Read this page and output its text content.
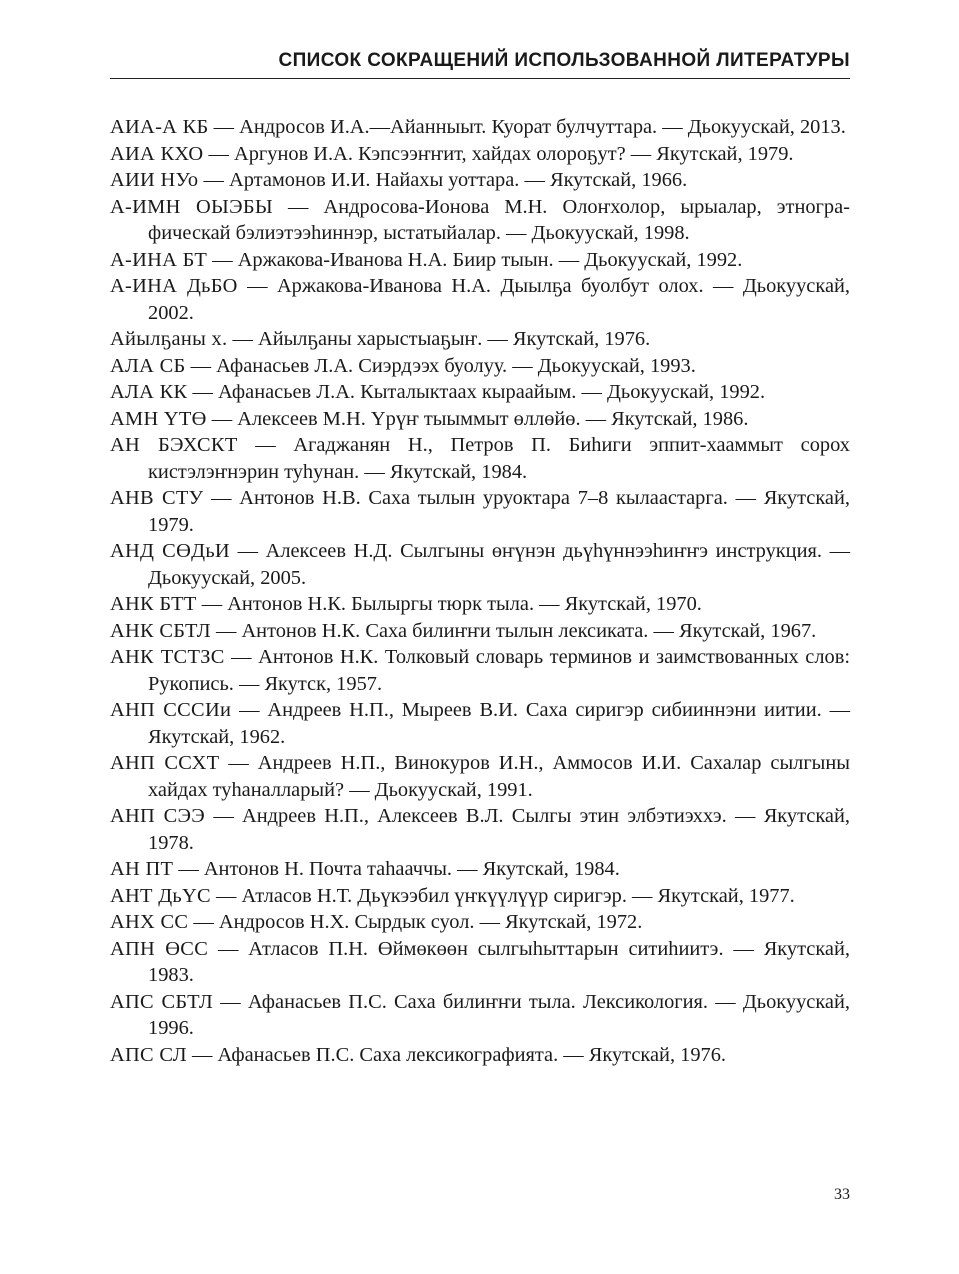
СПИСОК СОКРАЩЕНИЙ ИСПОЛЬЗОВАННОЙ ЛИТЕРАТУРЫ

АИА-А КБ — Андросов И.А.—Айанныыт. Куорат булчуттара. — Дьокуускай, 2013.

АИА КХО — Аргунов И.А. Кэпсээҥҥит, хайдах олороҕут? — Якутскай, 1979.

АИИ НУо — Артамонов И.И. Найахы уоттара. — Якутскай, 1966.

А-ИМН ОЫЭБЫ — Андросова-Ионова М.Н. Олоҥхолор, ырыалар, этнографическай бэлиэтээһиннэр, ыстатыйалар. — Дьокуускай, 1998.

А-ИНА БТ — Аржакова-Иванова Н.А. Биир тыын. — Дьокуускай, 1992.

А-ИНА ДьБО — Аржакова-Иванова Н.А. Дыылҕа буолбут олох. — Дьокуускай, 2002.

Айылҕаны х. — Айылҕаны харыстыаҕыҥ. — Якутскай, 1976.

АЛА СБ — Афанасьев Л.А. Сиэрдээх буолуу. — Дьокуускай, 1993.

АЛА КК — Афанасьев Л.А. Кыталыктаах кыраайым. — Дьокуускай, 1992.

АМН ҮТӨ — Алексеев М.Н. Үрүҥ тыыммыт өллөйө. — Якутскай, 1986.

АН БЭХСКТ — Агаджанян Н., Петров П. Биһиги эппит-хааммыт сорох кистэлэҥнэрин туһунан. — Якутскай, 1984.

АНВ СТУ — Антонов Н.В. Саха тылын уруоктара 7–8 кылаастарга. — Якутскай, 1979.

АНД СӨДьИ — Алексеев Н.Д. Сылгыны өҥүнэн дьүһүннээһиҥҥэ инструкция. — Дьокуускай, 2005.

АНК БТТ — Антонов Н.К. Былыргы тюрк тыла. — Якутскай, 1970.

АНК СБТЛ — Антонов Н.К. Саха билиҥҥи тылын лексиката. — Якутскай, 1967.

АНК ТСТЗС — Антонов Н.К. Толковый словарь терминов и заимствованных слов: Рукопись. — Якутск, 1957.

АНП СССИи — Андреев Н.П., Мыреев В.И. Саха сиригэр сибииннэни иитии. — Якутскай, 1962.

АНП ССХТ — Андреев Н.П., Винокуров И.Н., Аммосов И.И. Сахалар сылгыны хайдах туһаналларый? — Дьокуускай, 1991.

АНП СЭЭ — Андреев Н.П., Алексеев В.Л. Сылгы этин элбэтиэххэ. — Якутскай, 1978.

АН ПТ — Антонов Н. Почта таһааччы. — Якутскай, 1984.

АНТ ДьҮС — Атласов Н.Т. Дьүкээбил үҥкүүлүүр сиригэр. — Якутскай, 1977.

АНХ СС — Андросов Н.Х. Сырдык суол. — Якутскай, 1972.

АПН ӨСС — Атласов П.Н. Өймөкөөн сылгыһыттарын ситиһиитэ. — Якутскай, 1983.

АПС СБТЛ — Афанасьев П.С. Саха билиҥҥи тыла. Лексикология. — Дьокуускай, 1996.

АПС СЛ — Афанасьев П.С. Саха лексикографията. — Якутскай, 1976.

33
